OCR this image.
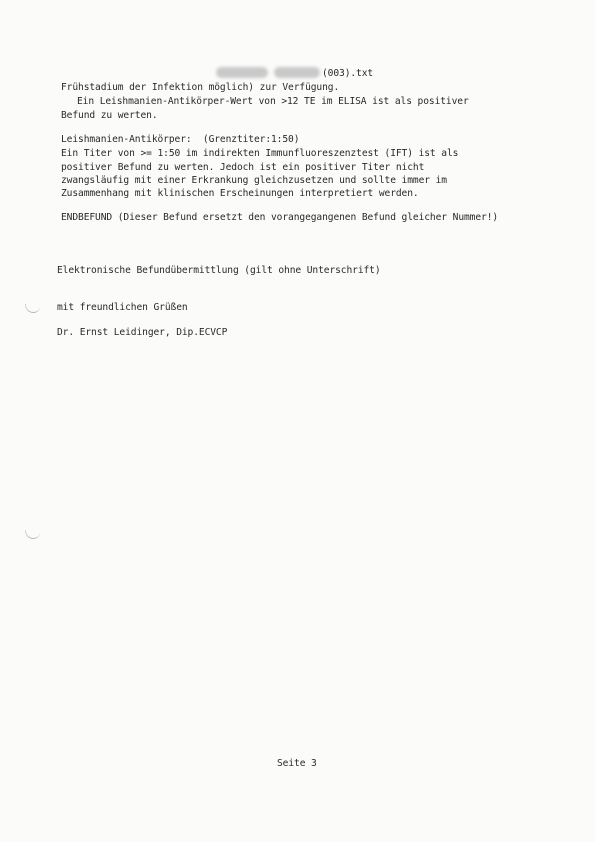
(003).txt
Frühstadium der Infektion möglich) zur Verfügung.
Ein Leishmanien-Antikörper-Wert von >12 TE im ELISA ist als positiver
Befund zu werten.
Leishmanien-Antikörper:  (Grenztiter:1:50)
Ein Titer von >= 1:50 im indirekten Immunfluoreszenztest (IFT) ist als
positiver Befund zu werten. Jedoch ist ein positiver Titer nicht
zwangsläufig mit einer Erkrankung gleichzusetzen und sollte immer im
Zusammenhang mit klinischen Erscheinungen interpretiert werden.
ENDBEFUND (Dieser Befund ersetzt den vorangegangenen Befund gleicher Nummer!)
Elektronische Befundübermittlung (gilt ohne Unterschrift)
mit freundlichen Grüßen
Dr. Ernst Leidinger, Dip.ECVCP
Seite 3
